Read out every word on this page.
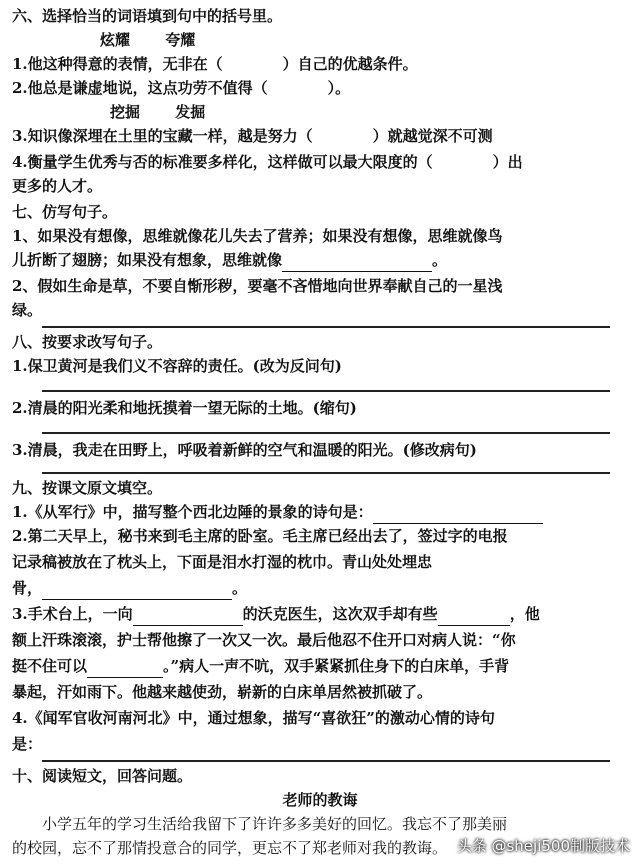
六、选择恰当的词语填到句中的括号里。
炫耀　　 夸耀
1.他这种得意的表情，无非在（　　　　）自己的优越条件。
2.他总是谦虚地说，这点功劳不值得（　　　　）。
挖掘　　 发掘
3.知识像深埋在土里的宝藏一样，越是努力（　　　　）就越觉深不可测
4.衡量学生优秀与否的标准要多样化，这样做可以最大限度的（　　　　）出
更多的人才。
七、仿写句子。
1、如果没有想像，思维就像花儿失去了营养；如果没有想像，思维就像鸟
儿折断了翅膀；如果没有想象，思维就像	。
2、假如生命是草，不要自惭形秽，要毫不吝惜地向世界奉献自己的一星浅
绿。
八、按要求改写句子。
1.保卫黄河是我们义不容辞的责任。(改为反问句)
2.清晨的阳光柔和地抚摸着一望无际的土地。(缩句)
3.清晨，我走在田野上，呼吸着新鲜的空气和温暖的阳光。(修改病句)
九、按课文原文填空。
1.《从军行》中，描写整个西北边陲的景象的诗句是：
2.第二天早上，秘书来到毛主席的卧室。毛主席已经出去了，签过字的电报
记录稿被放在了枕头上，下面是泪水打湿的枕巾。青山处处埋忠
骨，	。
3.手术台上，一向	的沃克医生，这次双手却有些	，他
额上汗珠滚滚，护士帮他擦了一次又一次。最后他忍不住开口对病人说：“你
挺不住可以	。”病人一声不吭，双手紧紧抓住身下的白床单，手背
暴起，汗如雨下。他越来越使劲，崭新的白床单居然被抓破了。
4.《闻军官收河南河北》中，通过想象，描写“喜欲狂”的激动心情的诗句
是：
十、阅读短文，回答问题。
老师的教诲
小学五年的学习生活给我留下了许许多多美好的回忆。我忘不了那美丽
的校园，忘不了那情投意合的同学，更忘不了郑老师对我的教诲。 头条 @sheji500制版技术
